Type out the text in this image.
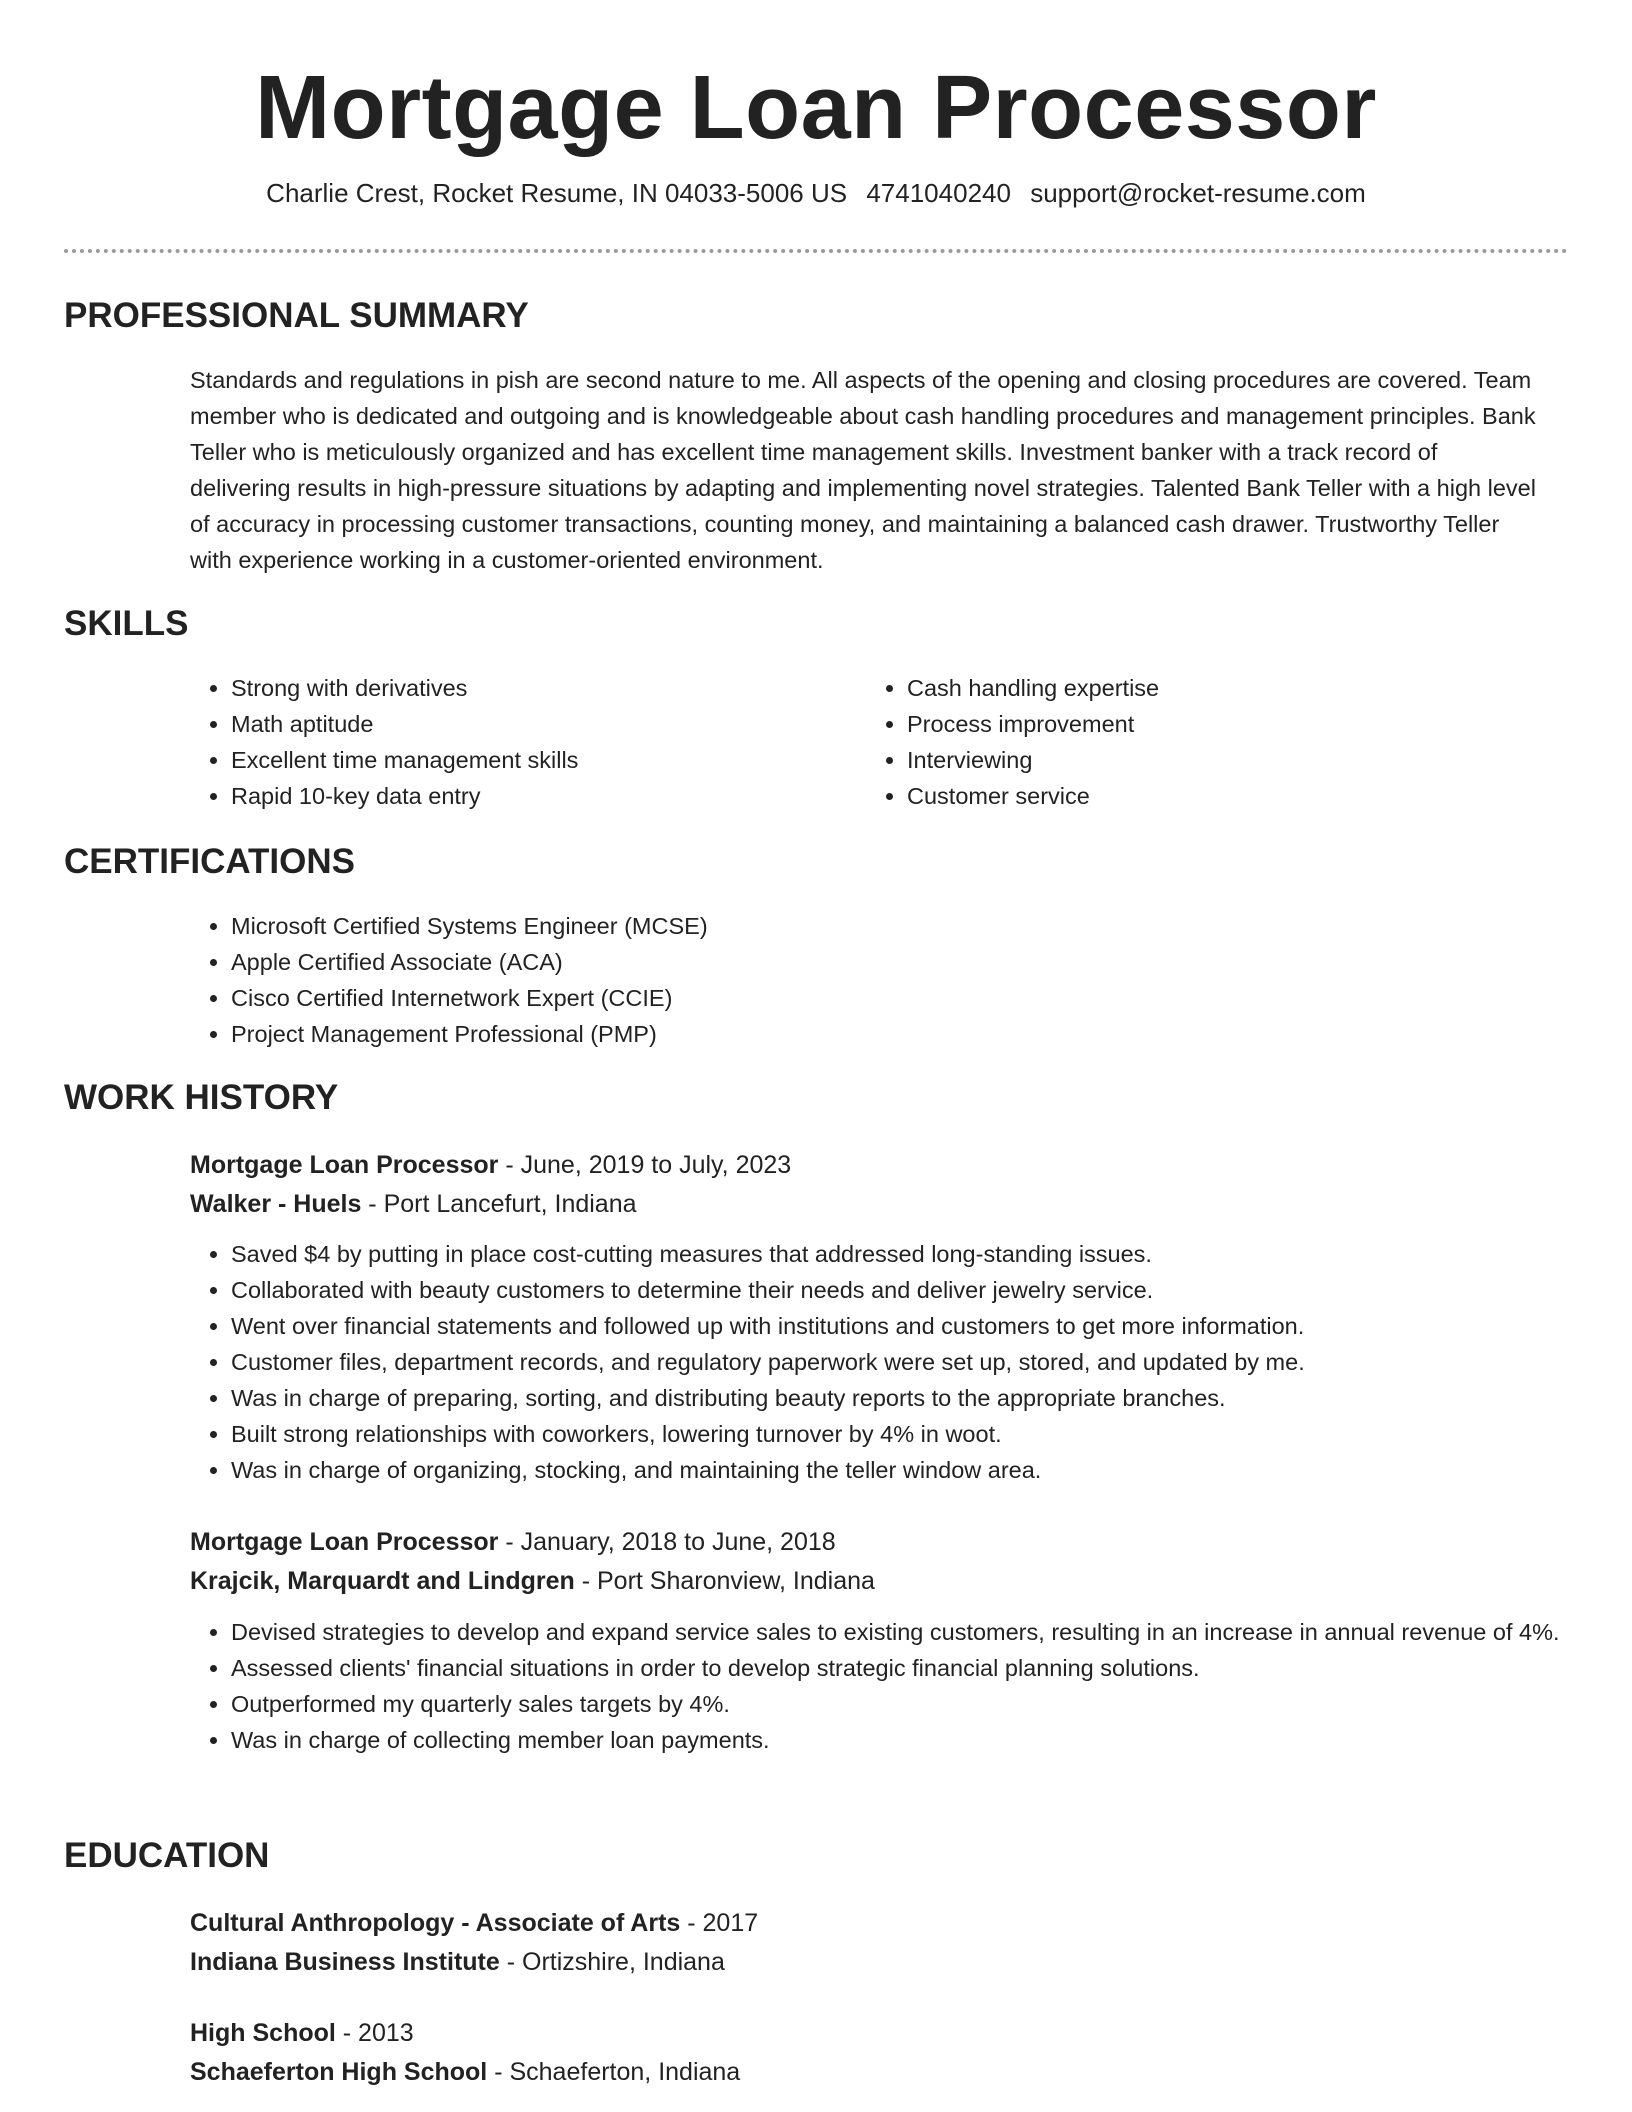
Mortgage Loan Processor
Charlie Crest, Rocket Resume, IN 04033-5006 US 4741040240 support@rocket-resume.com
PROFESSIONAL SUMMARY

Standards and regulations in pish are second nature to me. All aspects of the opening and closing procedures are covered. Team member who is dedicated and outgoing and is knowledgeable about cash handling procedures and management principles. Bank Teller who is meticulously organized and has excellent time management skills. Investment banker with a track record of delivering results in high-pressure situations by adapting and implementing novel strategies. Talented Bank Teller with a high level of accuracy in processing customer transactions, counting money, and maintaining a balanced cash drawer. Trustworthy Teller with experience working in a customer-oriented environment.

SKILLS
• Strong with derivatives
• Math aptitude
• Excellent time management skills
• Rapid 10-key data entry
• Cash handling expertise
• Process improvement
• Interviewing
• Customer service
CERTIFICATIONS
• Microsoft Certified Systems Engineer (MCSE)
• Apple Certified Associate (ACA)
• Cisco Certified Internetwork Expert (CCIE)
• Project Management Professional (PMP)
WORK HISTORY

Mortgage Loan Processor - June, 2019 to July, 2023

Walker - Huels - Port Lancefurt, Indiana

• Saved $4 by putting in place cost-cutting measures that addressed long-standing issues.
• Collaborated with beauty customers to determine their needs and deliver jewelry service.
• Went over financial statements and followed up with institutions and customers to get more information.
• Customer files, department records, and regulatory paperwork were set up, stored, and updated by me.
• Was in charge of preparing, sorting, and distributing beauty reports to the appropriate branches.
• Built strong relationships with coworkers, lowering turnover by 4% in woot.
• Was in charge of organizing, stocking, and maintaining the teller window area.

Mortgage Loan Processor - January, 2018 to June, 2018

Krajcik, Marquardt and Lindgren - Port Sharonview, Indiana

• Devised strategies to develop and expand service sales to existing customers, resulting in an increase in annual revenue of 4%.
• Assessed clients' financial situations in order to develop strategic financial planning solutions.
• Outperformed my quarterly sales targets by 4%.
• Was in charge of collecting member loan payments.
EDUCATION

Cultural Anthropology - Associate of Arts - 2017

Indiana Business Institute - Ortizshire, Indiana

High School - 2013

Schaeferton High School - Schaeferton, Indiana
